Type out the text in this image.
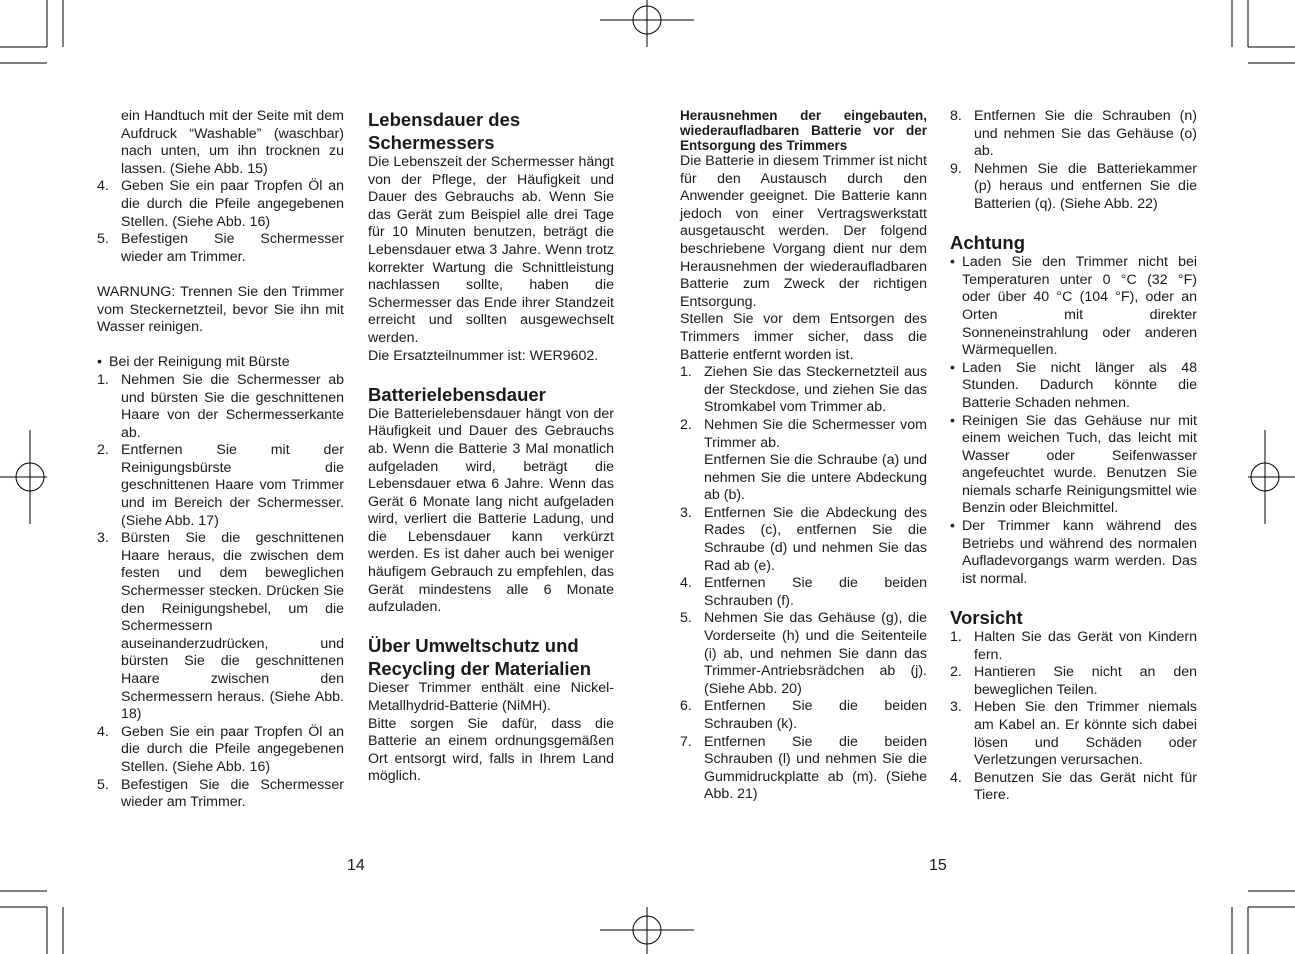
ein Handtuch mit der Seite mit dem Aufdruck “Washable” (waschbar) nach unten, um ihn trocknen zu lassen. (Siehe Abb. 15)

4. Geben Sie ein paar Tropfen Öl an die durch die Pfeile angegebenen Stellen. (Siehe Abb. 16)
5. Befestigen Sie Schermesser wieder am Trimmer.

WARNUNG: Trennen Sie den Trimmer vom Steckernetzteil, bevor Sie ihn mit Wasser reinigen.

• Bei der Reinigung mit Bürste
1. Nehmen Sie die Schermesser ab und bürsten Sie die geschnittenen Haare von der Schermesserkante ab.
2. Entfernen Sie mit der Reinigungsbürste die geschnittenen Haare vom Trimmer und im Bereich der Schermesser. (Siehe Abb. 17)
3. Bürsten Sie die geschnittenen Haare heraus, die zwischen dem festen und dem beweglichen Schermesser stecken. Drücken Sie den Reinigungshebel, um die Schermessern auseinanderzudrücken, und bürsten Sie die geschnittenen Haare zwischen den Schermessern heraus. (Siehe Abb. 18)
4. Geben Sie ein paar Tropfen Öl an die durch die Pfeile angegebenen Stellen. (Siehe Abb. 16)
5. Befestigen Sie die Schermesser wieder am Trimmer.
Lebensdauer des Schermessers

Die Lebenszeit der Schermesser hängt von der Pflege, der Häufigkeit und Dauer des Gebrauchs ab. Wenn Sie das Gerät zum Beispiel alle drei Tage für 10 Minuten benutzen, beträgt die Lebensdauer etwa 3 Jahre. Wenn trotz korrekter Wartung die Schnittleistung nachlassen sollte, haben die Schermesser das Ende ihrer Standzeit erreicht und sollten ausgewechselt werden.

Die Ersatzteilnummer ist: WER9602.

Batterielebensdauer

Die Batterielebensdauer hängt von der Häufigkeit und Dauer des Gebrauchs ab. Wenn die Batterie 3 Mal monatlich aufgeladen wird, beträgt die Lebensdauer etwa 6 Jahre. Wenn das Gerät 6 Monate lang nicht aufgeladen wird, verliert die Batterie Ladung, und die Lebensdauer kann verkürzt werden. Es ist daher auch bei weniger häufigem Gebrauch zu empfehlen, das Gerät mindestens alle 6 Monate aufzuladen.

Über Umweltschutz und Recycling der Materialien

Dieser Trimmer enthält eine Nickel-Metallhydrid-Batterie (NiMH).

Bitte sorgen Sie dafür, dass die Batterie an einem ordnungsgemäßen Ort entsorgt wird, falls in Ihrem Land möglich.

14
Herausnehmen der eingebauten, wiederaufladbaren Batterie vor der Entsorgung des Trimmers

Die Batterie in diesem Trimmer ist nicht für den Austausch durch den Anwender geeignet. Die Batterie kann jedoch von einer Vertragswerkstatt ausgetauscht werden. Der folgend beschriebene Vorgang dient nur dem Herausnehmen der wiederaufladbaren Batterie zum Zweck der richtigen Entsorgung.

Stellen Sie vor dem Entsorgen des Trimmers immer sicher, dass die Batterie entfernt worden ist.

1. Ziehen Sie das Steckernetzteil aus der Steckdose, und ziehen Sie das Stromkabel vom Trimmer ab.
2. Nehmen Sie die Schermesser vom Trimmer ab.
Entfernen Sie die Schraube (a) und nehmen Sie die untere Abdeckung ab (b).
3. Entfernen Sie die Abdeckung des Rades (c), entfernen Sie die Schraube (d) und nehmen Sie das Rad ab (e).
4. Entfernen Sie die beiden Schrauben (f).
5. Nehmen Sie das Gehäuse (g), die Vorderseite (h) und die Seitenteile (i) ab, und nehmen Sie dann das Trimmer-Antriebsrädchen ab (j). (Siehe Abb. 20)
6. Entfernen Sie die beiden Schrauben (k).
7. Entfernen Sie die beiden Schrauben (l) und nehmen Sie die Gummidruckplatte ab (m). (Siehe Abb. 21)
8. Entfernen Sie die Schrauben (n) und nehmen Sie das Gehäuse (o) ab.
9. Nehmen Sie die Batteriekammer (p) heraus und entfernen Sie die Batterien (q). (Siehe Abb. 22)
Achtung
• Laden Sie den Trimmer nicht bei Temperaturen unter 0 °C (32 °F) oder über 40 °C (104 °F), oder an Orten mit direkter Sonneneinstrahlung oder anderen Wärmequellen.
• Laden Sie nicht länger als 48 Stunden. Dadurch könnte die Batterie Schaden nehmen.
• Reinigen Sie das Gehäuse nur mit einem weichen Tuch, das leicht mit Wasser oder Seifenwasser angefeuchtet wurde. Benutzen Sie niemals scharfe Reinigungsmittel wie Benzin oder Bleichmittel.
• Der Trimmer kann während des Betriebs und während des normalen Aufladevorgangs warm werden. Das ist normal.
Vorsicht
1. Halten Sie das Gerät von Kindern fern.
2. Hantieren Sie nicht an den beweglichen Teilen.
3. Heben Sie den Trimmer niemals am Kabel an. Er könnte sich dabei lösen und Schäden oder Verletzungen verursachen.
4. Benutzen Sie das Gerät nicht für Tiere.
15
